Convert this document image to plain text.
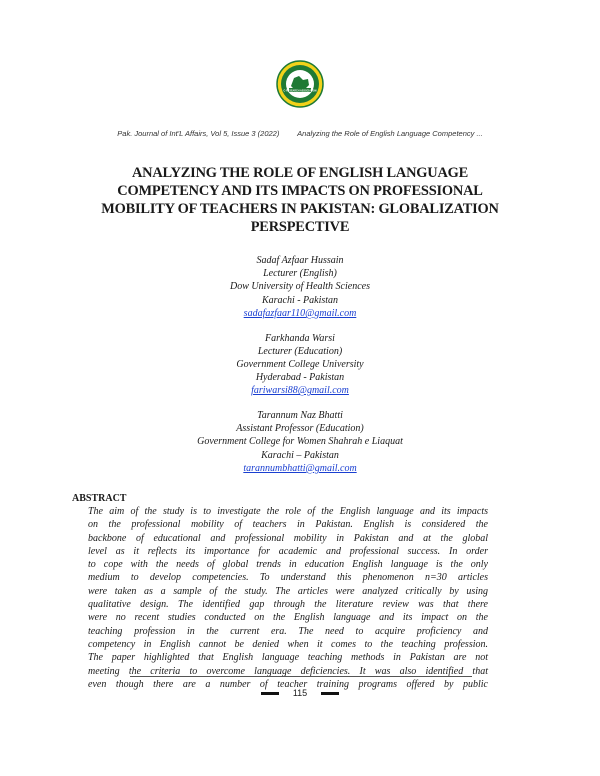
C-RESEARCH ASSOCIATION
Pak. Journal of Int'L Affairs, Vol 5, Issue 3 (2022) Analyzing the Role of English Language Competency ...
ANALYZING THE ROLE OF ENGLISH LANGUAGE
COMPETENCY AND ITS IMPACTS ON PROFESSIONAL
MOBILITY OF TEACHERS IN PAKISTAN: GLOBALIZATION
PERSPECTIVE
Sadaf Azfaar Hussain
Lecturer (English)
Dow University of Health Sciences
Karachi - Pakistan
sadafazfaar110@gmail.com
Farkhanda Warsi
Lecturer (Education)
Government College University
Hyderabad - Pakistan
fariwarsi88@gmail.com
Tarannum Naz Bhatti
Assistant Professor (Education)
Government College for Women Shahrah e Liaquat
Karachi – Pakistan
tarannumbhatti@gmail.com
ABSTRACT
The aim of the study is to investigate the role of the English language and its impacts
on the professional mobility of teachers in Pakistan. English is considered the
backbone of educational and professional mobility in Pakistan and at the global
level as it reflects its importance for academic and professional success. In order
to cope with the needs of global trends in education English language is the only
medium to develop competencies. To understand this phenomenon n=30 articles
were taken as a sample of the study. The articles were analyzed critically by using
qualitative design. The identified gap through the literature review was that there
were no recent studies conducted on the English language and its impact on the
teaching profession in the current era. The need to acquire proficiency and
competency in English cannot be denied when it comes to the teaching profession.
The paper highlighted that English language teaching methods in Pakistan are not
meeting the criteria to overcome language deficiencies. It was also identified that
even though there are a number of teacher training programs offered by public
115
